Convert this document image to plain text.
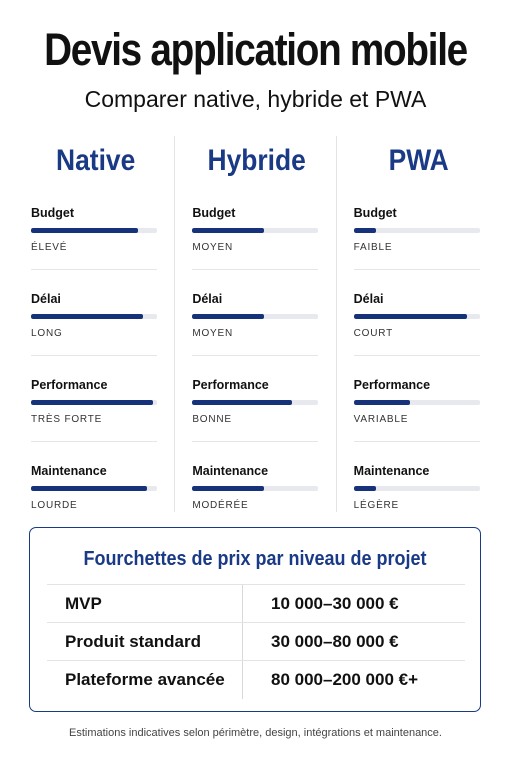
Devis application mobile
Comparer native, hybride et PWA
Native
Budget
ÉLEVÉ
Délai
LONG
Performance
TRÈS FORTE
Maintenance
LOURDE
Hybride
Budget
MOYEN
Délai
MOYEN
Performance
BONNE
Maintenance
MODÉRÉE
PWA
Budget
FAIBLE
Délai
COURT
Performance
VARIABLE
Maintenance
LÉGÈRE
Fourchettes de prix par niveau de projet
MVP	10 000–30 000 €
Produit standard	30 000–80 000 €
Plateforme avancée	80 000–200 000 €+
Estimations indicatives selon périmètre, design, intégrations et maintenance.
